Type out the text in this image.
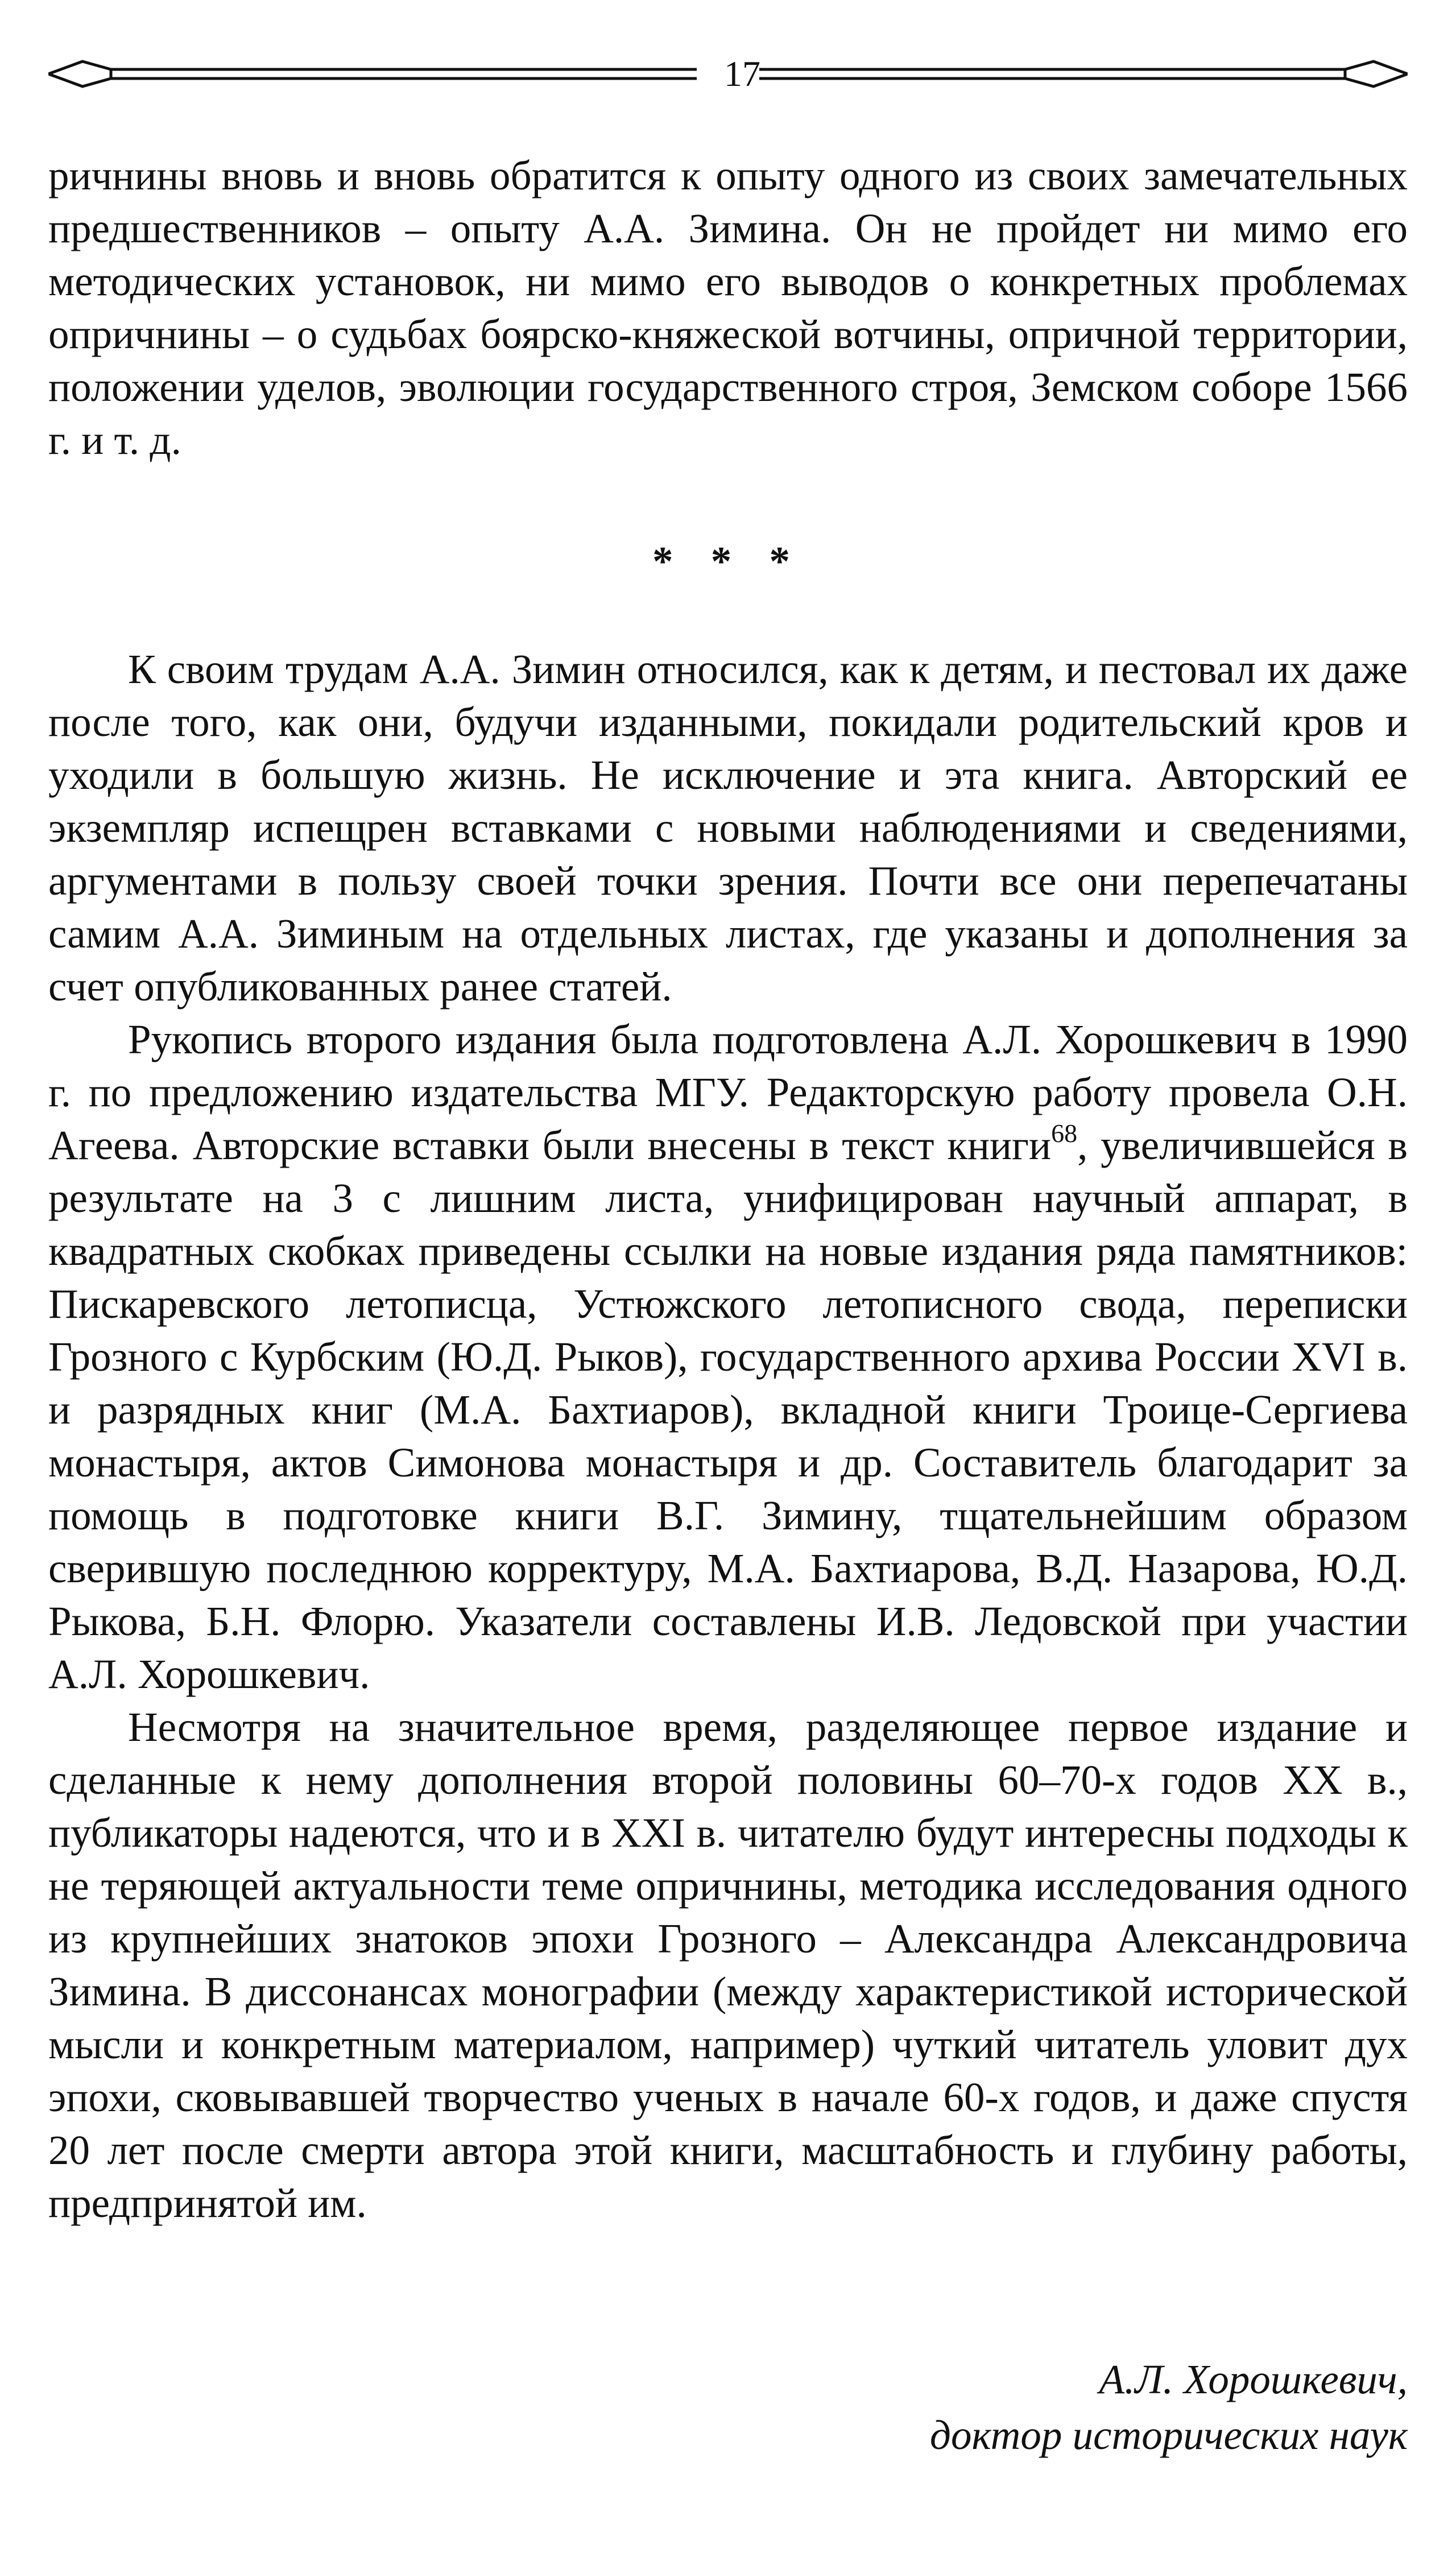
17

ричнины вновь и вновь обратится к опыту одного из своих замечательных предшественников – опыту А.А. Зимина. Он не пройдет ни мимо его методических установок, ни мимо его выводов о конкретных проблемах опричнины – о судьбах боярско-княжеской вотчины, опричной территории, положении уделов, эволюции государственного строя, Земском соборе 1566 г. и т. д.

* * *

К своим трудам А.А. Зимин относился, как к детям, и пестовал их даже после того, как они, будучи изданными, покидали родительский кров и уходили в большую жизнь. Не исключение и эта книга. Авторский ее экземпляр испещрен вставками с новыми наблюдениями и сведениями, аргументами в пользу своей точки зрения. Почти все они перепечатаны самим А.А. Зиминым на отдельных листах, где указаны и дополнения за счет опубликованных ранее статей.

Рукопись второго издания была подготовлена А.Л. Хорошкевич в 1990 г. по предложению издательства МГУ. Редакторскую работу провела О.Н. Агеева. Авторские вставки были внесены в текст книги$^{68}$, увеличившейся в результате на 3 с лишним листа, унифицирован научный аппарат, в квадратных скобках приведены ссылки на новые издания ряда памятников: Пискаревского летописца, Устюжского летописного свода, переписки Грозного с Курбским (Ю.Д. Рыков), государственного архива России XVI в. и разрядных книг (М.А. Бахтиаров), вкладной книги Троице-Сергиева монастыря, актов Симонова монастыря и др. Составитель благодарит за помощь в подготовке книги В.Г. Зимину, тщательнейшим образом сверившую последнюю корректуру, М.А. Бахтиарова, В.Д. Назарова, Ю.Д. Рыкова, Б.Н. Флорю. Указатели составлены И.В. Ледовской при участии А.Л. Хорошкевич.

Несмотря на значительное время, разделяющее первое издание и сделанные к нему дополнения второй половины 60–70-х годов XX в., публикаторы надеются, что и в XXI в. читателю будут интересны подходы к не теряющей актуальности теме опричнины, методика исследования одного из крупнейших знатоков эпохи Грозного – Александра Александровича Зимина. В диссонансах монографии (между характеристикой исторической мысли и конкретным материалом, например) чуткий читатель уловит дух эпохи, сковывавшей творчество ученых в начале 60-х годов, и даже спустя 20 лет после смерти автора этой книги, масштабность и глубину работы, предпринятой им.

А.Л. Хорошкевич,
доктор исторических наук
